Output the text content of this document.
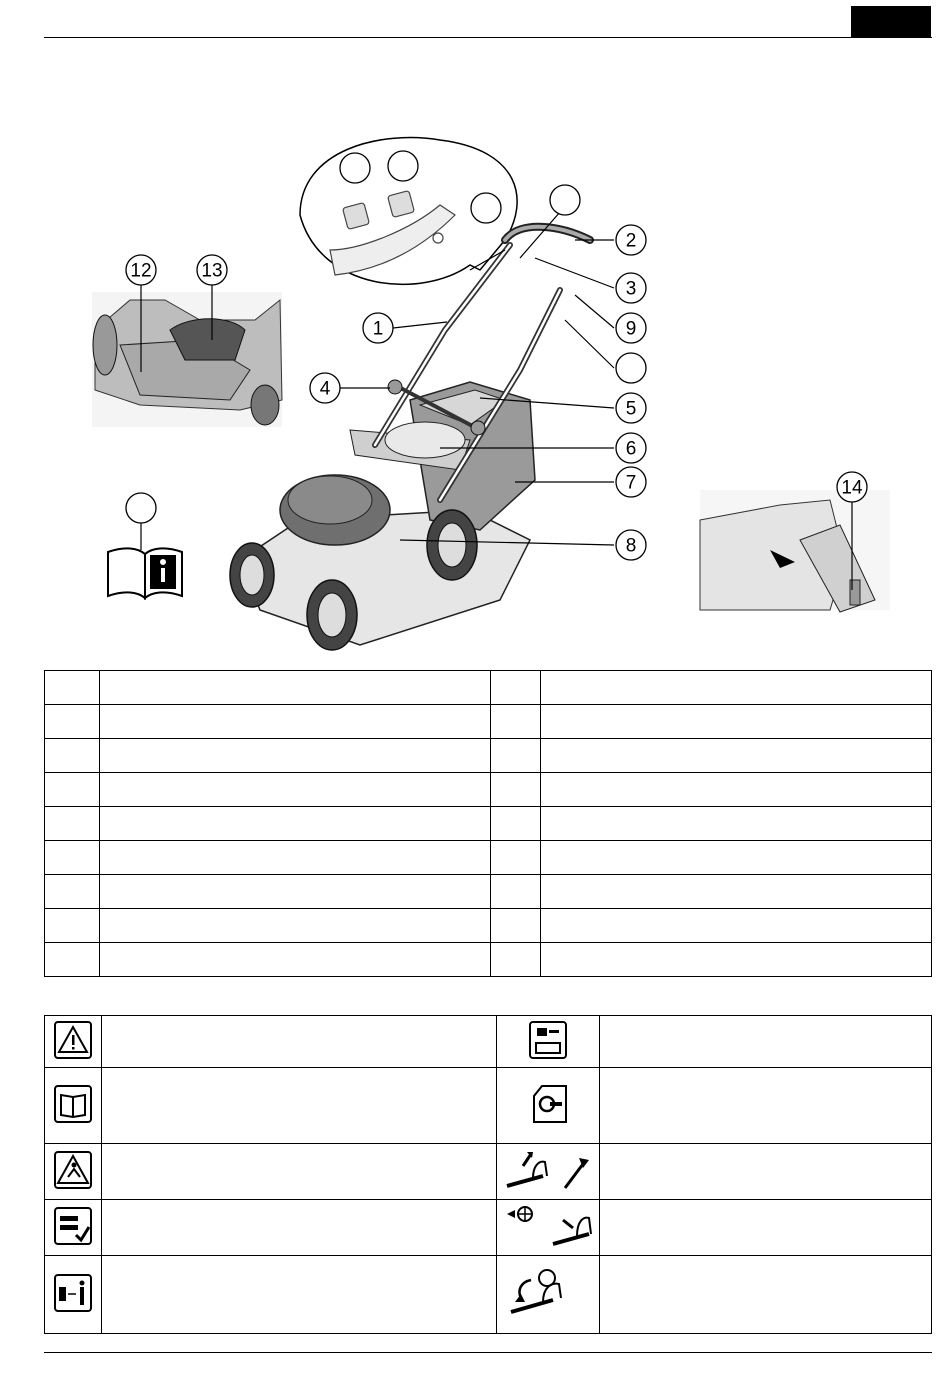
1
2
3
4
5
6
7
8
9
12	13
14
